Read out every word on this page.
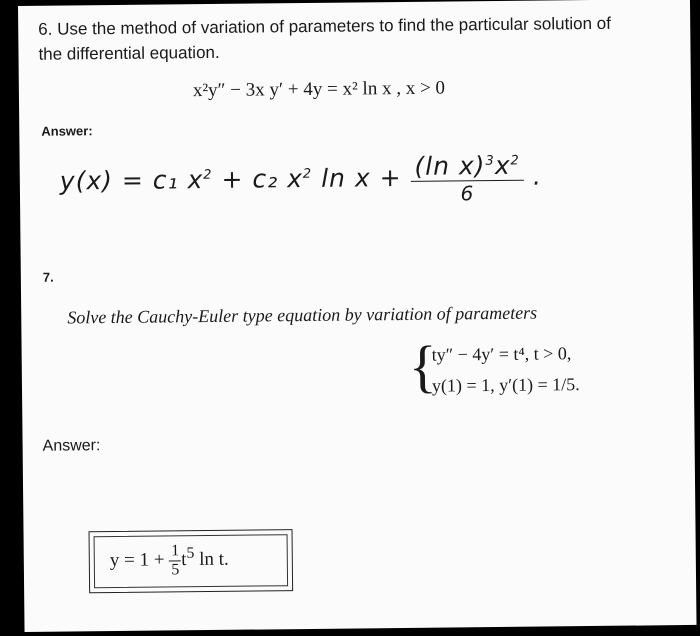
6. Use the method of variation of parameters to find the particular solution of
the differential equation.
x²y″ − 3x y′ + 4y = x² ln x , x > 0
Answer:
y(x) = c₁ $x^2 + c_2$ $x^2$ $\ln x + \frac{(\ln x)^3x^2}{6}$ .
7.
Solve the Cauchy-Euler type equation by variation of parameters
{
ty″ − 4y′ = t⁴, t > 0,
y(1) = 1, y′(1) = 1/5.
Answer:
$y = 1 + \frac{1}{5} t^5$ ln t.
